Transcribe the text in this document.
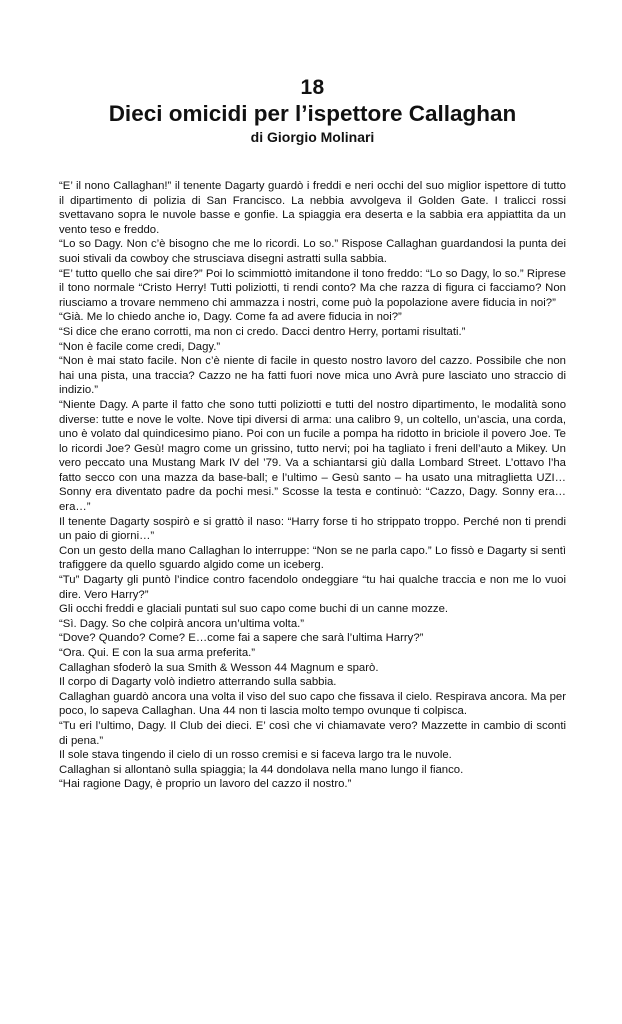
18
Dieci omicidi per l’ispettore Callaghan
di Giorgio Molinari

“E’ il nono Callaghan!” il tenente Dagarty guardò i freddi e neri occhi del suo miglior ispettore di tutto il dipartimento di polizia di San Francisco. La nebbia avvolgeva il Golden Gate. I tralicci rossi svettavano sopra le nuvole basse e gonfie. La spiaggia era deserta e la sabbia era appiattita da un vento teso e freddo.

“Lo so Dagy. Non c’è bisogno che me lo ricordi. Lo so.” Rispose Callaghan guardandosi la punta dei suoi stivali da cowboy che strusciava disegni astratti sulla sabbia.

“E’ tutto quello che sai dire?” Poi lo scimmiottò imitandone il tono freddo: “Lo so Dagy, lo so.” Riprese il tono normale “Cristo Herry! Tutti poliziotti, ti rendi conto? Ma che razza di figura ci facciamo? Non riusciamo a trovare nemmeno chi ammazza i nostri, come può la popolazione avere fiducia in noi?”

“Già. Me lo chiedo anche io, Dagy. Come fa ad avere fiducia in noi?”

“Si dice che erano corrotti, ma non ci credo. Dacci dentro Herry, portami risultati.”

“Non è facile come credi, Dagy.”

“Non è mai stato facile. Non c’è niente di facile in questo nostro lavoro del cazzo. Possibile che non hai una pista, una traccia? Cazzo ne ha fatti fuori nove mica uno Avrà pure lasciato uno straccio di indizio.”

“Niente Dagy. A parte il fatto che sono tutti poliziotti e tutti del nostro dipartimento, le modalità sono diverse: tutte e nove le volte. Nove tipi diversi di arma: una calibro 9, un coltello, un’ascia, una corda, uno è volato dal quindicesimo piano. Poi con un fucile a pompa ha ridotto in briciole il povero Joe. Te lo ricordi Joe? Gesù! magro come un grissino, tutto nervi; poi ha tagliato i freni dell’auto a Mikey. Un vero peccato una Mustang Mark IV del ’79. Va a schiantarsi giù dalla Lombard Street. L’ottavo l’ha fatto secco con una mazza da base-ball; e l’ultimo – Gesù santo – ha usato una mitraglietta UZI…Sonny era diventato padre da pochi mesi.” Scosse la testa e continuò: “Cazzo, Dagy. Sonny era…era…”

Il tenente Dagarty sospirò e si grattò il naso: “Harry forse ti ho strippato troppo. Perché non ti prendi un paio di giorni…”

Con un gesto della mano Callaghan lo interruppe: “Non se ne parla capo.” Lo fissò e Dagarty si sentì trafiggere da quello sguardo algido come un iceberg.

“Tu” Dagarty gli puntò l’indice contro facendolo ondeggiare “tu hai qualche traccia e non me lo vuoi dire. Vero Harry?”

Gli occhi freddi e glaciali puntati sul suo capo come buchi di un canne mozze.

“Sì. Dagy. So che colpirà ancora un’ultima volta.”

“Dove? Quando? Come? E…come fai a sapere che sarà l’ultima Harry?”

“Ora. Qui. E con la sua arma preferita.”

Callaghan sfoderò la sua Smith & Wesson 44 Magnum e sparò.

Il corpo di Dagarty volò indietro atterrando sulla sabbia.

Callaghan guardò ancora una volta il viso del suo capo che fissava il cielo. Respirava ancora. Ma per poco, lo sapeva Callaghan. Una 44 non ti lascia molto tempo ovunque ti colpisca.

“Tu eri l’ultimo, Dagy. Il Club dei dieci. E’ così che vi chiamavate vero? Mazzette in cambio di sconti di pena.”

Il sole stava tingendo il cielo di un rosso cremisi e si faceva largo tra le nuvole.

Callaghan si allontanò sulla spiaggia; la 44 dondolava nella mano lungo il fianco.

“Hai ragione Dagy, è proprio un lavoro del cazzo il nostro.”
